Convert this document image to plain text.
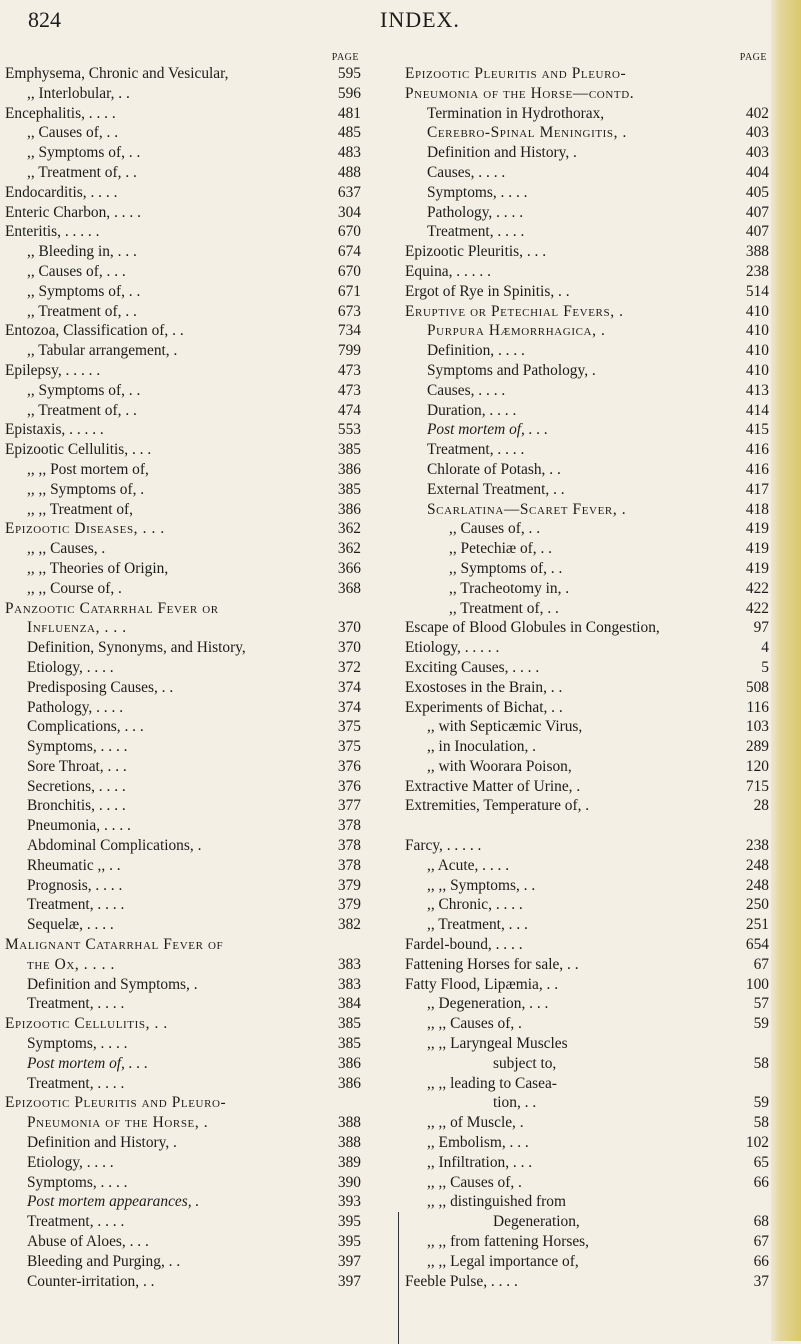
824	INDEX.
PAGE
Emphysema, Chronic and Vesicular,	595
,, Interlobular, . .	596
Encephalitis, . . . .	481
,, Causes of, . .	485
,, Symptoms of, . .	483
,, Treatment of, . .	488
Endocarditis, . . . .	637
Enteric Charbon, . . . .	304
Enteritis, . . . . .	670
,, Bleeding in, . . .	674
,, Causes of, . . .	670
,, Symptoms of, . .	671
,, Treatment of, . .	673
Entozoa, Classification of, . .	734
,, Tabular arrangement, .	799
Epilepsy, . . . . .	473
,, Symptoms of, . .	473
,, Treatment of, . .	474
Epistaxis, . . . . .	553
Epizootic Cellulitis, . . .	385
,, ,, Post mortem of,	386
,, ,, Symptoms of, .	385
,, ,, Treatment of,	386
Epizootic Diseases, . . .	362
,, ,, Causes, .	362
,, ,, Theories of Origin,	366
,, ,, Course of, .	368
Panzootic Catarrhal Fever or
Influenza, . . .	370
Definition, Synonyms, and History,	370
Etiology, . . . .	372
Predisposing Causes, . .	374
Pathology, . . . .	374
Complications, . . .	375
Symptoms, . . . .	375
Sore Throat, . . .	376
Secretions, . . . .	376
Bronchitis, . . . .	377
Pneumonia, . . . .	378
Abdominal Complications, .	378
Rheumatic ,, . .	378
Prognosis, . . . .	379
Treatment, . . . .	379
Sequelæ, . . . .	382
Malignant Catarrhal Fever of
the Ox, . . . .	383
Definition and Symptoms, .	383
Treatment, . . . .	384
Epizootic Cellulitis, . .	385
Symptoms, . . . .	385
Post mortem of, . . .	386
Treatment, . . . .	386
Epizootic Pleuritis and Pleuro-
Pneumonia of the Horse, .	388
Definition and History, .	388
Etiology, . . . .	389
Symptoms, . . . .	390
Post mortem appearances, .	393
Treatment, . . . .	395
Abuse of Aloes, . . .	395
Bleeding and Purging, . .	397
Counter-irritation, . .	397
PAGE
Epizootic Pleuritis and Pleuro-
Pneumonia of the Horse—contd.
Termination in Hydrothorax,	402
Cerebro-Spinal Meningitis, .	403
Definition and History, .	403
Causes, . . . .	404
Symptoms, . . . .	405
Pathology, . . . .	407
Treatment, . . . .	407
Epizootic Pleuritis, . . .	388
Equina, . . . . .	238
Ergot of Rye in Spinitis, . .	514
Eruptive or Petechial Fevers, .	410
Purpura Hæmorrhagica, .	410
Definition, . . . .	410
Symptoms and Pathology, .	410
Causes, . . . .	413
Duration, . . . .	414
Post mortem of, . . .	415
Treatment, . . . .	416
Chlorate of Potash, . .	416
External Treatment, . .	417
Scarlatina—Scaret Fever, .	418
,, Causes of, . .	419
,, Petechiæ of, . .	419
,, Symptoms of, . .	419
,, Tracheotomy in, .	422
,, Treatment of, . .	422
Escape of Blood Globules in Congestion,	97
Etiology, . . . . .	4
Exciting Causes, . . . .	5
Exostoses in the Brain, . .	508
Experiments of Bichat, . .	116
,, with Septicæmic Virus,	103
,, in Inoculation, .	289
,, with Woorara Poison,	120
Extractive Matter of Urine, .	715
Extremities, Temperature of, .	28
Farcy, . . . . .	238
,, Acute, . . . .	248
,, ,, Symptoms, . .	248
,, Chronic, . . . .	250
,, Treatment, . . .	251
Fardel-bound, . . . .	654
Fattening Horses for sale, . .	67
Fatty Flood, Lipæmia, . .	100
,, Degeneration, . . .	57
,, ,, Causes of, .	59
,, ,, Laryngeal Muscles
subject to,	58
,, ,, leading to Casea-
tion, . .	59
,, ,, of Muscle, .	58
,, Embolism, . . .	102
,, Infiltration, . . .	65
,, ,, Causes of, .	66
,, ,, distinguished from
Degeneration,	68
,, ,, from fattening Horses,	67
,, ,, Legal importance of,	66
Feeble Pulse, . . . .	37
